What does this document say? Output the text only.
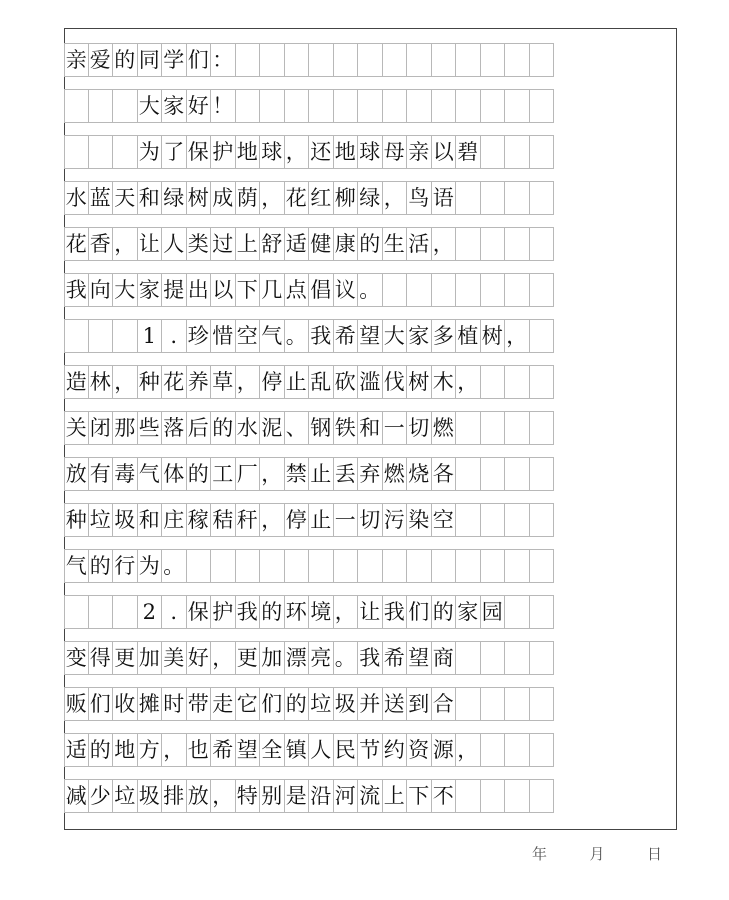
亲 爱 的 同 学 们 ：
大 家 好 ！
为 了 保 护 地 球 ， 还 地 球 母 亲 以 碧
水 蓝 天 和 绿 树 成 荫 ， 花 红 柳 绿 ， 鸟 语
花 香 ， 让 人 类 过 上 舒 适 健 康 的 生 活 ，
我 向 大 家 提 出 以 下 几 点 倡 议 。
1 . 珍 惜 空 气 。 我 希 望 大 家 多 植 树 ，
造 林 ， 种 花 养 草 ， 停 止 乱 砍 滥 伐 树 木 ，
关 闭 那 些 落 后 的 水 泥 、 钢 铁 和 一 切 燃
放 有 毒 气 体 的 工 厂 ， 禁 止 丢 弃 燃 烧 各
种 垃 圾 和 庄 稼 秸 秆 ， 停 止 一 切 污 染 空
气 的 行 为 。
2 . 保 护 我 的 环 境 ， 让 我 们 的 家 园
变 得 更 加 美 好 ， 更 加 漂 亮 。 我 希 望 商
贩 们 收 摊 时 带 走 它 们 的 垃 圾 并 送 到 合
适 的 地 方 ， 也 希 望 全 镇 人 民 节 约 资 源 ，
减 少 垃 圾 排 放 ， 特 别 是 沿 河 流 上 下 不
年	月	日
